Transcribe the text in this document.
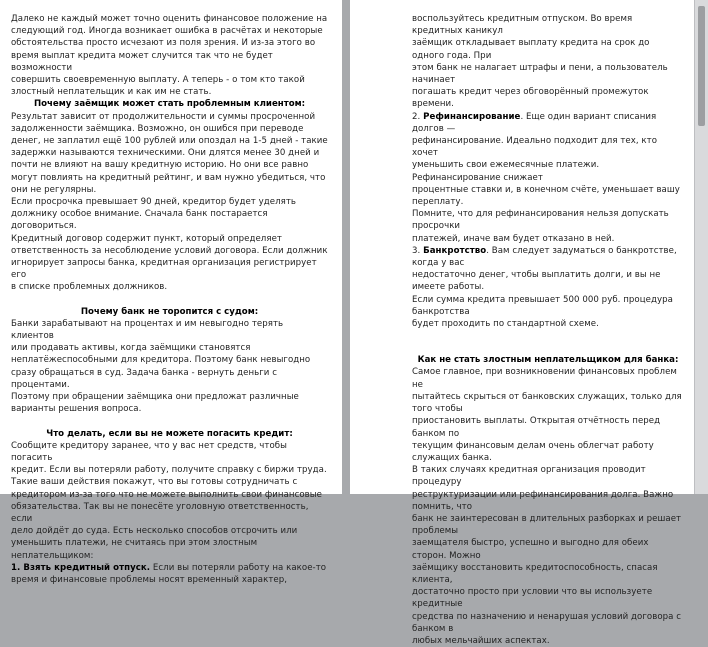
Далеко не каждый может точно оценить финансовое положение на
следующий год. Иногда возникает ошибка в расчётах и некоторые
обстоятельства просто исчезают из поля зрения. И из-за этого во
время выплат кредита может случится так что не будет возможности
совершить своевременную выплату. А теперь - о том кто такой
злостный неплательщик и как им не стать.

Почему заёмщик может стать проблемным клиентом:

Результат зависит от продолжительности и суммы просроченной
задолженности заёмщика. Возможно, он ошибся при переводе
денег, не заплатил ещё 100 рублей или опоздал на 1-5 дней - такие
задержки называются техническими. Они длятся менее 30 дней и
почти не влияют на вашу кредитную историю. Но они все равно
могут повлиять на кредитный рейтинг, и вам нужно убедиться, что
они не регулярны.

Если просрочка превышает 90 дней, кредитор будет уделять
должнику особое внимание. Сначала банк постарается договориться.
Кредитный договор содержит пункт, который определяет
ответственность за несоблюдение условий договора. Если должник
игнорирует запросы банка, кредитная организация регистрирует его
в списке проблемных должников.

Почему банк не торопится с судом:

Банки зарабатывают на процентах и им невыгодно терять клиентов
или продавать активы, когда заёмщики становятся
неплатёжеспособными для кредитора. Поэтому банк невыгодно
сразу обращаться в суд. Задача банка - вернуть деньги с процентами.
Поэтому при обращении заёмщика они предложат различные
варианты решения вопроса.

Что делать, если вы не можете погасить кредит:

Сообщите кредитору заранее, что у вас нет средств, чтобы погасить
кредит. Если вы потеряли работу, получите справку с биржи труда.
Такие ваши действия покажут, что вы готовы сотрудничать с
кредитором из-за того что не можете выполнить свои финансовые
обязательства. Так вы не понесёте уголовную ответственность, если
дело дойдёт до суда. Есть несколько способов отсрочить или
уменьшить платежи, не считаясь при этом злостным
неплательщиком:

1. Взять кредитный отпуск. Если вы потеряли работу на какое-то
время и финансовые проблемы носят временный характер,

воспользуйтесь кредитным отпуском. Во время кредитных каникул
заёмщик откладывает выплату кредита на срок до одного года. При
этом банк не налагает штрафы и пени, а пользователь начинает
погашать кредит через обговорённый промежуток времени.

2. Рефинансирование. Еще один вариант списания долгов —
рефинансирование. Идеально подходит для тех, кто хочет
уменьшить свои ежемесячные платежи. Рефинансирование снижает
процентные ставки и, в конечном счёте, уменьшает вашу переплату.
Помните, что для рефинансирования нельзя допускать просрочки
платежей, иначе вам будет отказано в ней.

3. Банкротство. Вам следует задуматься о банкротстве, когда у вас
недостаточно денег, чтобы выплатить долги, и вы не имеете работы.
Если сумма кредита превышает 500 000 руб. процедура банкротства
будет проходить по стандартной схеме.

Как не стать злостным неплательщиком для банка:

Самое главное, при возникновении финансовых проблем не
пытайтесь скрыться от банковских служащих, только для того чтобы
приостановить выплаты. Открытая отчётность перед банком по
текущим финансовым делам очень облегчат работу служащих банка.
В таких случаях кредитная организация проводит процедуру
реструктуризации или рефинансирования долга. Важно помнить, что
банк не заинтересован в длительных разборках и решает проблемы
заемщателя быстро, успешно и выгодно для обеих сторон. Можно
заёмщику восстановить кредитоспособность, спасая клиента,
достаточно просто при условии что вы используете кредитные
средства по назначению и ненарушая условий договора с банком в
любых мельчайших аспектах.
